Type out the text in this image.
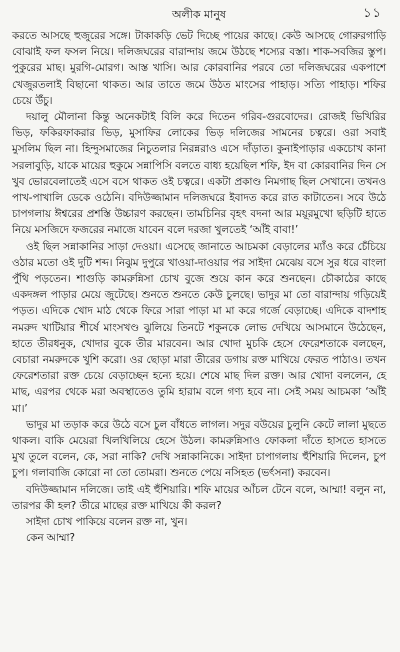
অলীক মানুষ	১১

করতে আসছে হুজুরের সঙ্গে। টাকাকড়ি ভেট দিচ্ছে পায়ের কাছে। কেউ আসছে গোরুরগাড়ি বোঝাই ফল ফসল নিয়ে। দলিজঘরের বারান্দায় জমে উঠছে শস্যের বস্তা। শাক-সবজির স্তুপ। পুকুরের মাছ। মুরগি-মোরগ। আস্ত খাসি। আর কোরবানির পরবে তো দলিজঘরের একপাশে খেজুরতলাই বিছানো থাকত। আর তাতে জমে উঠত মাংসের পাহাড়। সত্যি পাহাড়। শফির চেয়ে উঁচু।

দয়ালু মৌলানা কিন্তু অনেকটাই বিলি করে দিতেন গরিব-গুরবোদের। রোজই ভিখিরির ভিড়, ফকিরফাকরার ভিড়, মুসাফির লোকের ভিড় দলিজের সামনের চত্বরে। ওরা সবাই মুসলিম ছিল না। হিন্দুসমাজের নিচুতলার নিরন্নরাও এসে দাঁড়াত। কুনাইপাড়ার একচোখ কানা সরলাবুড়ি, যাকে মায়ের হুকুমে সন্নাপিসি বলতে বাধ্য হয়েছিল শফি, ইদ বা কোরবানির দিন সে খুব ভোরবেলাতেই এসে বসে থাকত ওই চত্বরে। একটা প্রকাণ্ড নিমগাছ ছিল সেখানে। তখনও পাখ-পাখালি ডেকে ওঠেনি। বদিউজ্জামান দলিজঘরে ইবাদত করে রাত কাটাতেন। সবে উঠে চাপগলায় ঈশ্বরের প্রশস্তি উচ্চারণ করছেন। তামচিনির বৃহৎ বদনা আর ময়ূরমুখো ছড়িটি হাতে নিয়ে মসজিদে ফজরের নমাজে যাবেন বলে দরজা খুলতেই ‘আঁই বাবা!’

ওই ছিল সন্নাকানির সাড়া দেওয়া। এসেছে জানাতে আচমকা বেড়ালের ম্যাঁও করে চেঁচিয়ে ওঠার মতো ওই দুটি শব্দ। নিঝুম দুপুরে খাওয়া-দাওয়ার পর সাইদা মেঝেয় বসে সুর ধরে বাংলা পুঁথি পড়তেন। শাগুড়ি কামরুন্নিসা চোখ বুজে শুয়ে কান করে শুনছেন। চৌকাঠের কাছে একদঙ্গল পাড়ার মেয়ে জুটেছে। শুনতে শুনতে কেউ চুলছে। ভাদুর মা তো বারান্দায় গড়িয়েই পড়ত। এদিকে খোদ মাঠ থেকে ফিরে সারা পাড়া মা মা করে গর্জে বেড়াচ্ছে। এদিকে বাদশাহ নমরুদ খাটিয়ার শীর্ষে মাংসখণ্ড ঝুলিয়ে তিনটে শকুনকে লোভ দেখিয়ে আসমানে উঠেছেন, হাতে তীরধনুক, খোদার বুকে তীর মারবেন। আর খোদা মুচকি হেসে ফেরেশতাকে বলছেন, বেচারা নমরুদকে খুশি করো। ওর ছোড়া মারা তীরের ডগায় রক্ত মাখিয়ে ফেরত পাঠাও। তখন ফেরেশতারা রক্ত চেয়ে বেড়াচ্ছেন হন্যে হয়ে। শেষে মাছ দিল রক্ত। আর খোদা বললেন, হে মাছ, এরপর থেকে মরা অবস্থাতেও তুমি হারাম বলে গণ্য হবে না। সেই সময় আচমকা ‘আঁই মা।’

ভাদুর মা তড়াক করে উঠে বসে চুল বাঁধতে লাগল। সদুর বউয়ের চুলুনি কেটে লালা মুছতে থাকল। বাকি মেয়েরা খিলখিলিয়ে হেসে উঠল। কামরুন্নিসাও ফোকলা দাঁতে হাসতে হাসতে মুখ তুলে বলেন, কে, সরা নাকি? দেখি সন্নাকানিকে। সাইদা চাপাগলায় হুঁশিয়ারি দিলেন, চুপ চুপ। গলাবাজি কোরো না তো তোমরা। শুনতে পেয়ে নসিহত (ভর্ৎসনা) করবেন।

বদিউজ্জামান দলিজে। তাই এই হুঁশিয়ারি। শফি মায়ের আঁচল টেনে বলে, আম্মা! বলুন না, তারপর কী হল? তীরে মাছের রক্ত মাখিয়ে কী করল?

সাইদা চোখ পাকিয়ে বলেন রক্ত না, খুন।

কেন আম্মা?
